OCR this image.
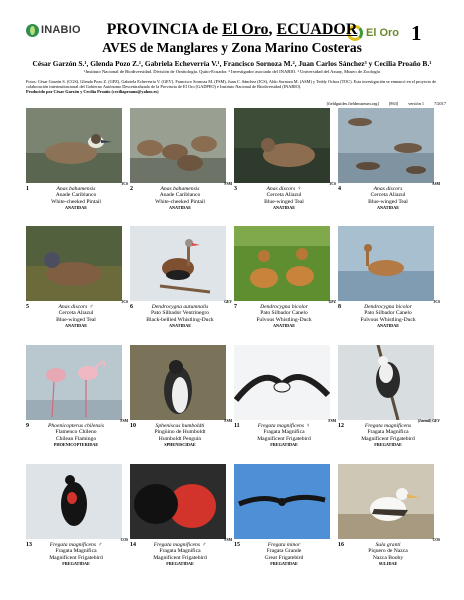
INABIO	El Oro 1
PROVINCIA de El Oro, ECUADOR
AVES de Manglares y Zona Marino Costeras
César Garzón S.¹, Glenda Pozo Z.¹, Gabriela Echeverría V.¹, Francisco Sornoza M.², Juan Carlos Sánchez³ y Cecilia Proaño B.¹
¹Instituto Nacional de Biodiversidad. División de Ornitología. Quito-Ecuador. ² Investigador asociado del INABIO. ³ Universidad del Azuay, Museo de Zoología
Fotos: César Garzón S. (CGS), Glenda Pozo Z. (GPZ), Gabriela Echeverría V. (GEV), Francisco Sornoza M. (FSM), Juan C. Sánchez (JCS), Aldo Sornoza M. (ASM) y Teddy Ochoa (TOC). Esta investigación se enmarcó en el proyecto de colaboración interinstitucional del Gobierno Autónomo Descentralizado de la Provincia de El Oro (GADPEO) e Instituto Nacional de Biodiversidad (INABIO).
Producido por César Garzón y Cecilia Proaño (ceciliaproano@yahoo.es)
[fieldguides.fieldmuseum.org] [863] versión 1 7/2017
JCS
1	Anas bahamensis
Anade Cariblanco
White-cheeked Pintail
ANATIDAE
FSM
2	Anas bahamensis
Anade Cariblanco
White-cheeked Pintail
ANATIDAE
JCS
3	Anas discors ♀
Cerceta Aliazul
Blue-winged Teal
ANATIDAE
ASM
4	Anas discors
Cerceta Aliazul
Blue-winged Teal
ANATIDAE
JCS
5	Anas discors ♂
Cerceta Aliazul
Blue-winged Teal
ANATIDAE
GEV
6	Dendrocygna autumnalis
Pato Silbador Ventrinegro
Black-bellied Whistling-Duck
ANATIDAE
GPZ
7	Dendrocygna bicolor
Pato Silbador Canelo
Fulvous Whistling-Duck
ANATIDAE
JCS
8	Dendrocygna bicolor
Pato Silbador Canelo
Fulvous Whistling-Duck
ANATIDAE
FSM
9	Phoenicopterus chilensis
Flamenco Chileno
Chilean Flamingo
PHOENICOPTERIDAE
FSM
10	Spheniscus humboldti
Pingüino de Humboldt
Humboldt Penguin
SPHENISCIDAE
FSM
11	Fregata magnificens ♀
Fragata Magnífica
Magnificent Frigatebird
FREGATIDAE
(Juvenil) GEV
12	Fregata magnificens
Fragata Magnífica
Magnificent Frigatebird
FREGATIDAE
COS
13	Fregata magnificens ♂
Fragata Magnífica
Magnificent Frigatebird
FREGATIDAE
FSM
14	Fregata magnificens ♂
Fragata Magnífica
Magnificent Frigatebird
FREGATIDAE
15	Fregata minor
Fragata Grande
Great Frigatebird
FREGATIDAE
COS
16	Sula granti
Piquero de Nazca
Nazca Booby
SULIDAE
